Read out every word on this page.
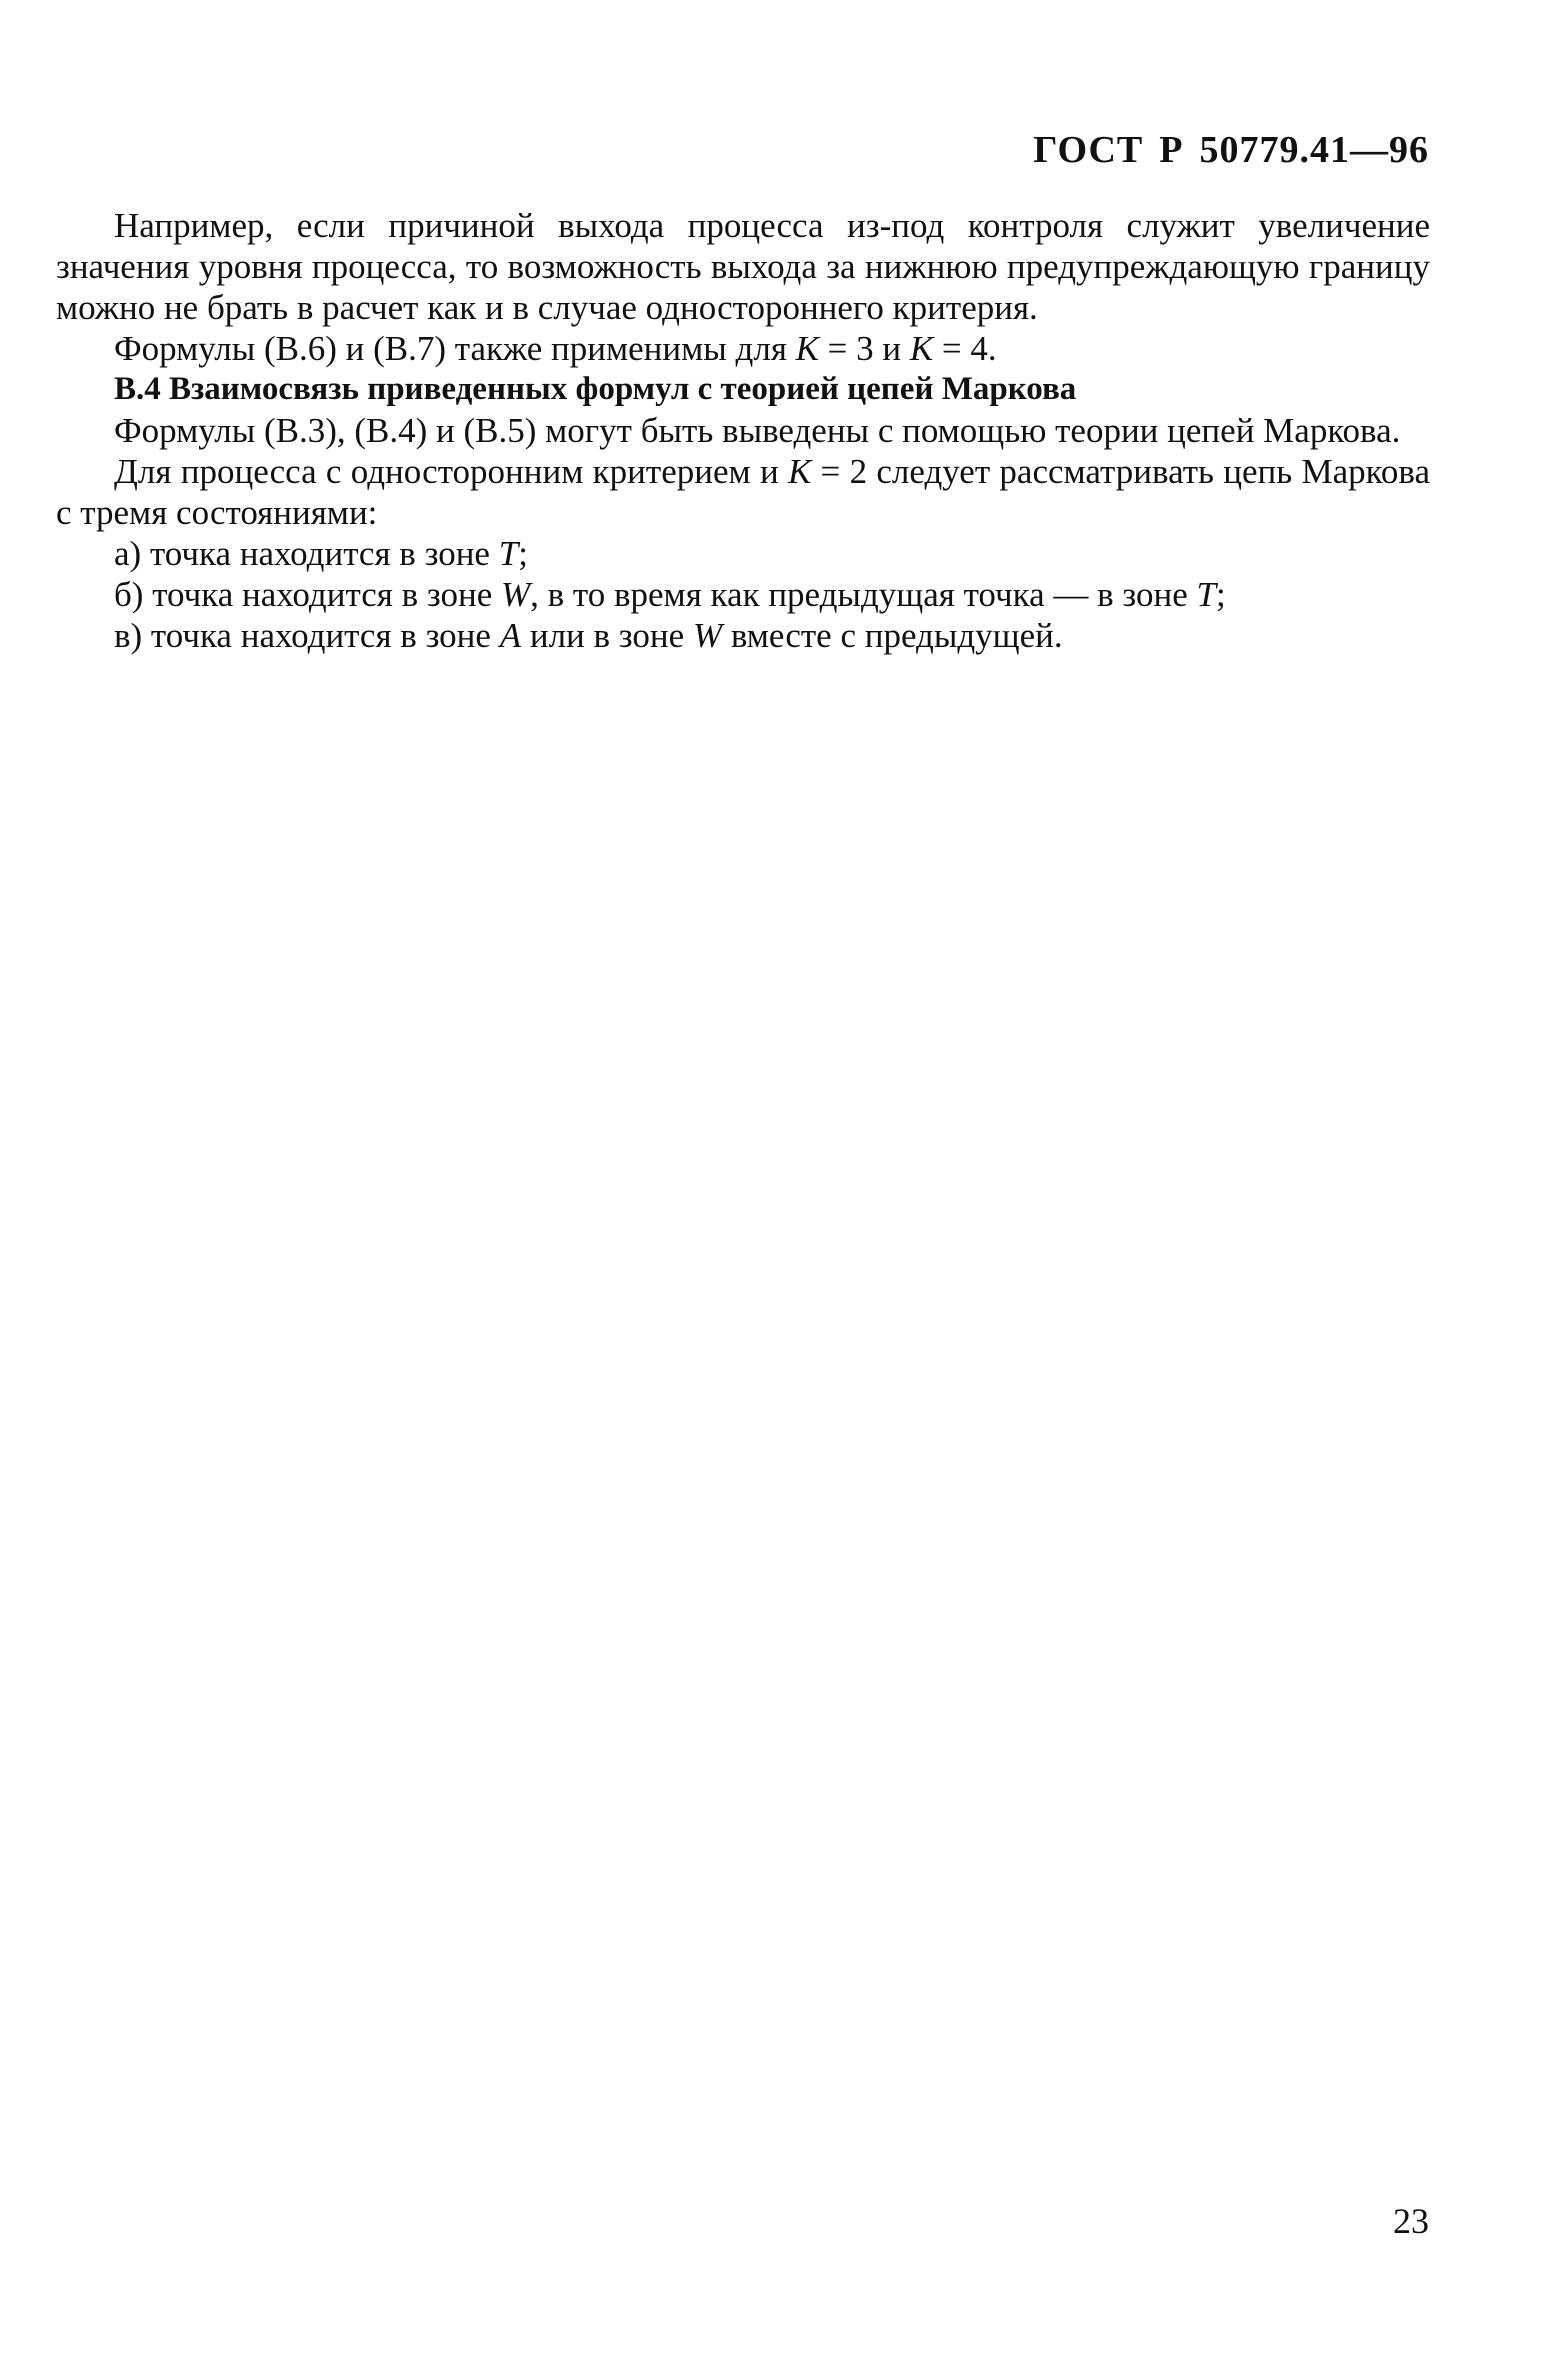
ГОСТ Р 50779.41—96

Например, если причиной выхода процесса из-под контроля служит увеличение значения уровня процесса, то возможность выхода за нижнюю предупреждающую границу можно не брать в расчет как и в случае одностороннего критерия.

Формулы (В.6) и (В.7) также применимы для К = 3 и К = 4.

В.4 Взаимосвязь приведенных формул с теорией цепей Маркова

Формулы (В.3), (В.4) и (В.5) могут быть выведены с помощью теории цепей Маркова.

Для процесса с односторонним критерием и К = 2 следует рассматривать цепь Маркова с тремя состояниями:

а) точка находится в зоне Т;

б) точка находится в зоне W, в то время как предыдущая точка — в зоне Т;

в) точка находится в зоне А или в зоне W вместе с предыдущей.

23
